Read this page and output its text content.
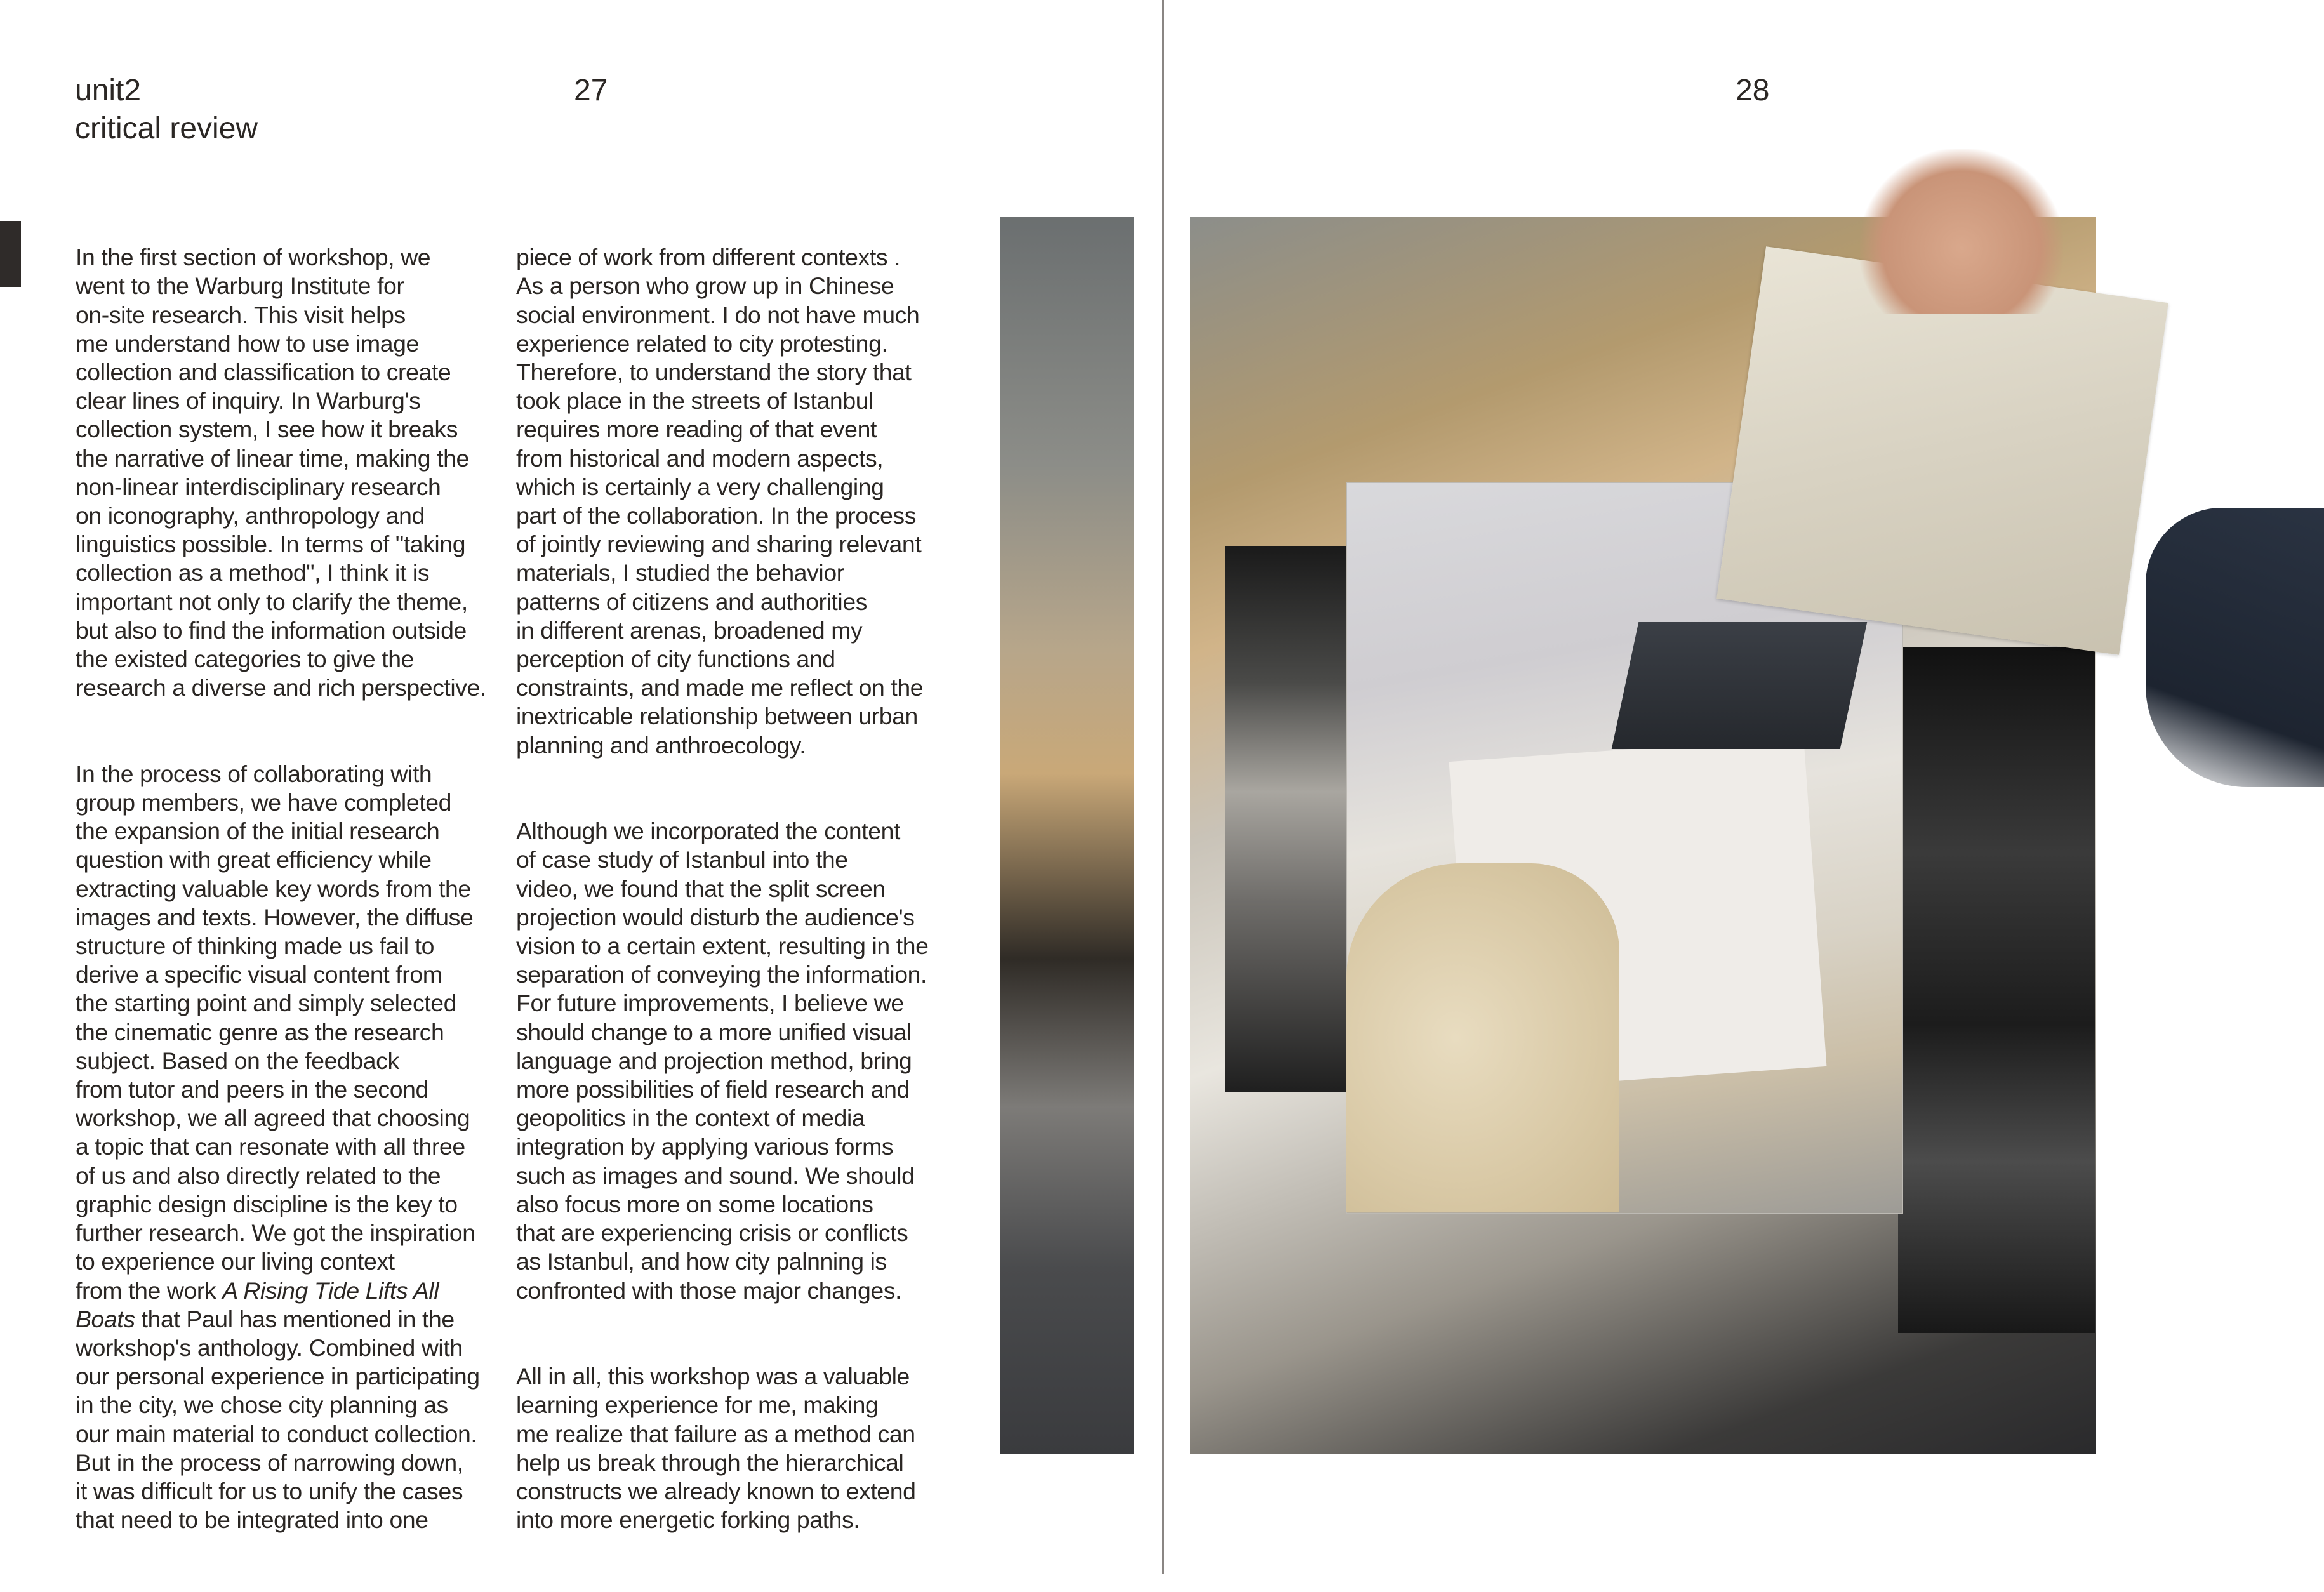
unit2
critical review
27	28

In the first section of workshop, we
went to the Warburg Institute for
on-site research. This visit helps
me understand how to use image
collection and classification to create
clear lines of inquiry. In Warburg's
collection system, I see how it breaks
the narrative of linear time, making the
non-linear interdisciplinary research
on iconography, anthropology and
linguistics possible. In terms of "taking
collection as a method", I think it is
important not only to clarify the theme,
but also to find the information outside
the existed categories to give the
research a diverse and rich perspective.

In the process of collaborating with
group members, we have completed
the expansion of the initial research
question with great efficiency while
extracting valuable key words from the
images and texts. However, the diffuse
structure of thinking made us fail to
derive a specific visual content from
the starting point and simply selected
the cinematic genre as the research
subject. Based on the feedback
from tutor and peers in the second
workshop, we all agreed that choosing
a topic that can resonate with all three
of us and also directly related to the
graphic design discipline is the key to
further research. We got the inspiration
to experience our living context
from the work A Rising Tide Lifts All
Boats that Paul has mentioned in the
workshop's anthology. Combined with
our personal experience in participating
in the city, we chose city planning as
our main material to conduct collection.
But in the process of narrowing down,
it was difficult for us to unify the cases
that need to be integrated into one

piece of work from different contexts .
As a person who grow up in Chinese
social environment. I do not have much
experience related to city protesting.
Therefore, to understand the story that
took place in the streets of Istanbul
requires more reading of that event
from historical and modern aspects,
which is certainly a very challenging
part of the collaboration. In the process
of jointly reviewing and sharing relevant
materials, I studied the behavior
patterns of citizens and authorities
in different arenas, broadened my
perception of city functions and
constraints, and made me reflect on the
inextricable relationship between urban
planning and anthroecology.

Although we incorporated the content
of case study of Istanbul into the
video, we found that the split screen
projection would disturb the audience's
vision to a certain extent, resulting in the
separation of conveying the information.
For future improvements, I believe we
should change to a more unified visual
language and projection method, bring
more possibilities of field research and
geopolitics in the context of media
integration by applying various forms
such as images and sound. We should
also focus more on some locations
that are experiencing crisis or conflicts
as Istanbul, and how city palnning is
confronted with those major changes.

All in all, this workshop was a valuable
learning experience for me, making
me realize that failure as a method can
help us break through the hierarchical
constructs we already known to extend
into more energetic forking paths.
